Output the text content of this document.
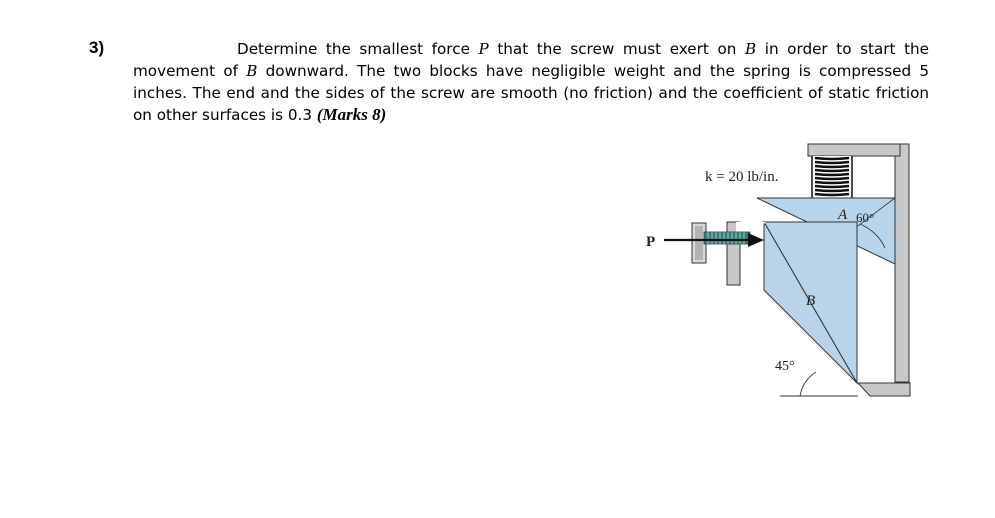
3)	Determine the smallest force P that the screw must exert on B in order to start the movement of B downward. The two blocks have negligible weight and the spring is compressed 5 inches. The end and the sides of the screw are smooth (no friction) and the coefficient of static friction on other surfaces is 0.3 (Marks 8)
k = 20 lb/in.
A 60°
B
45°
P
